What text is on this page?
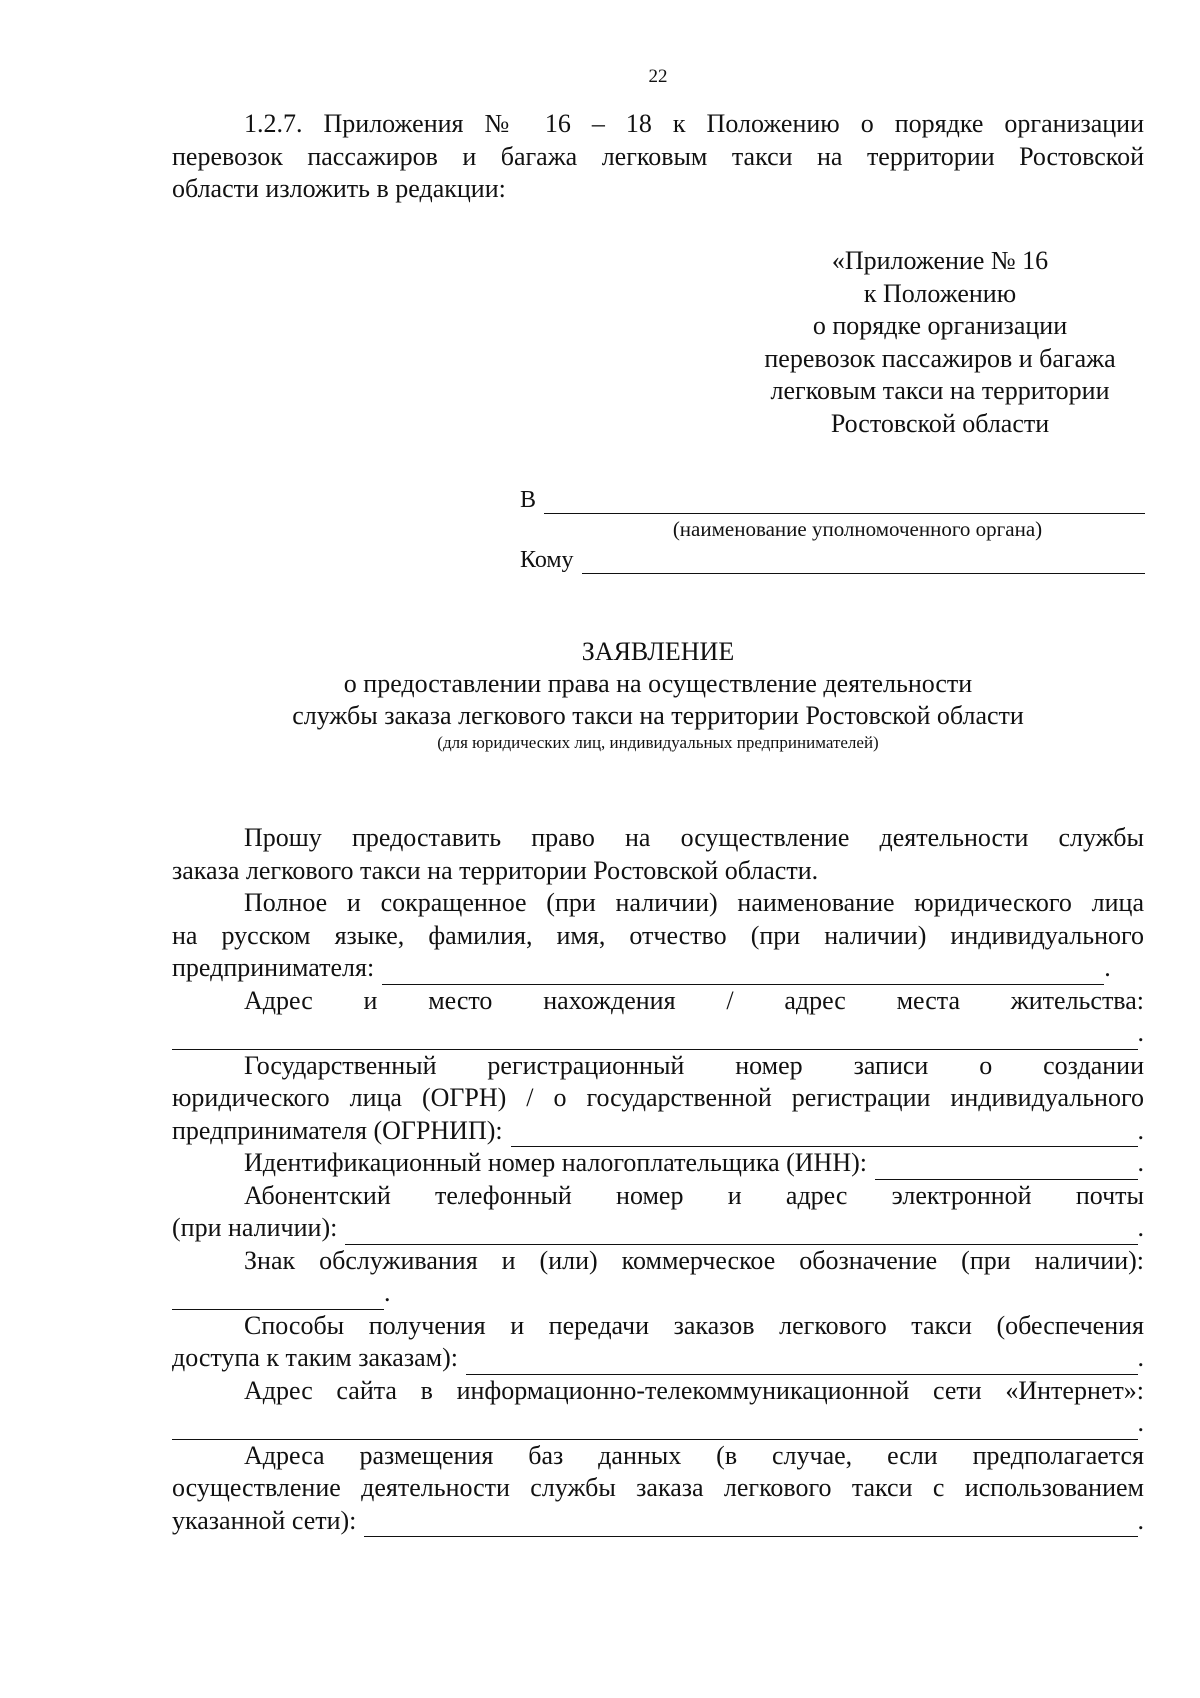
22
1.2.7. Приложения № 16 – 18 к Положению о порядке организации
перевозок пассажиров и багажа легковым такси на территории Ростовской
области изложить в редакции:
«Приложение № 16
к Положению
о порядке организации
перевозок пассажиров и багажа
легковым такси на территории
Ростовской области
В
(наименование уполномоченного органа)
Кому
ЗАЯВЛЕНИЕ
о предоставлении права на осуществление деятельности
службы заказа легкового такси на территории Ростовской области
(для юридических лиц, индивидуальных предпринимателей)
Прошу предоставить право на осуществление деятельности службы
заказа легкового такси на территории Ростовской области.
Полное и сокращенное (при наличии) наименование юридического лица
на русском языке, фамилия, имя, отчество (при наличии) индивидуального
предпринимателя:	.
Адрес и место нахождения / адрес места жительства:
.
Государственный регистрационный номер записи о создании
юридического лица (ОГРН) / о государственной регистрации индивидуального
предпринимателя (ОГРНИП):	.
Идентификационный номер налогоплательщика (ИНН):	.
Абонентский телефонный номер и адрес электронной почты
(при наличии):	.
Знак обслуживания и (или) коммерческое обозначение (при наличии):
.
Способы получения и передачи заказов легкового такси (обеспечения
доступа к таким заказам):	.
Адрес сайта в информационно-телекоммуникационной сети «Интернет»:
.
Адреса размещения баз данных (в случае, если предполагается
осуществление деятельности службы заказа легкового такси с использованием
указанной сети):	.
